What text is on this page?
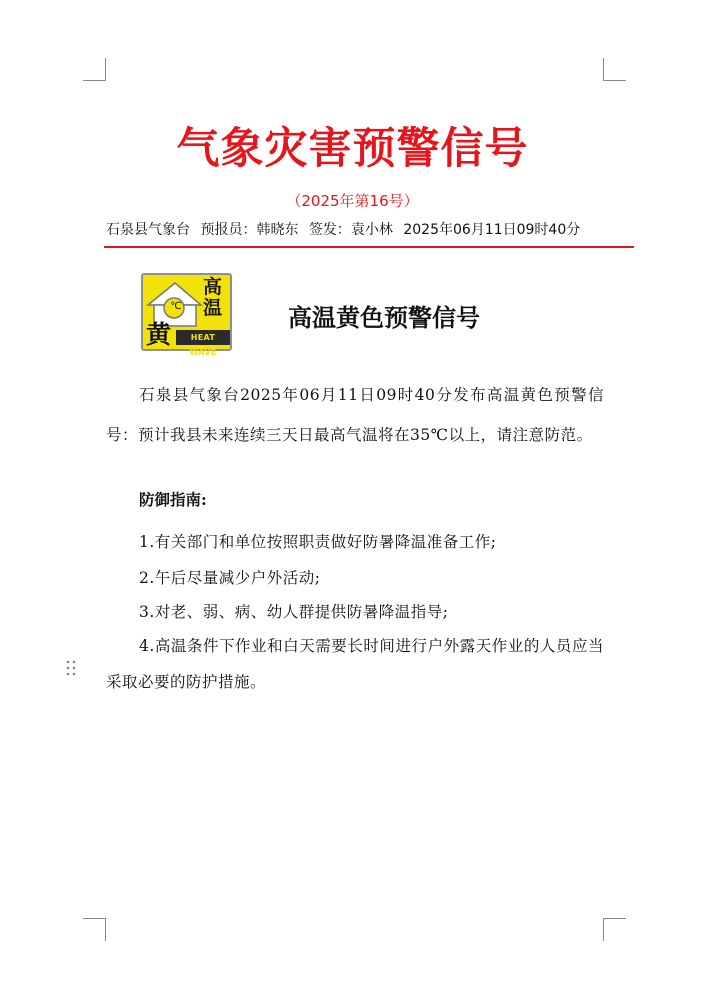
气象灾害预警信号
（2025年第16号）
石泉县气象台 预报员：韩晓东 签发：袁小林 2025年06月11日09时40分
℃
高
温
黄	HEAT WAVE
高温黄色预警信号
石泉县气象台2025年06月11日09时40分发布高温黄色预警信号：预计我县未来连续三天日最高气温将在35℃以上，请注意防范。
防御指南:
1.有关部门和单位按照职责做好防暑降温准备工作;
2.午后尽量减少户外活动;
3.对老、弱、病、幼人群提供防暑降温指导;
4.高温条件下作业和白天需要长时间进行户外露天作业的人员应当采取必要的防护措施。
